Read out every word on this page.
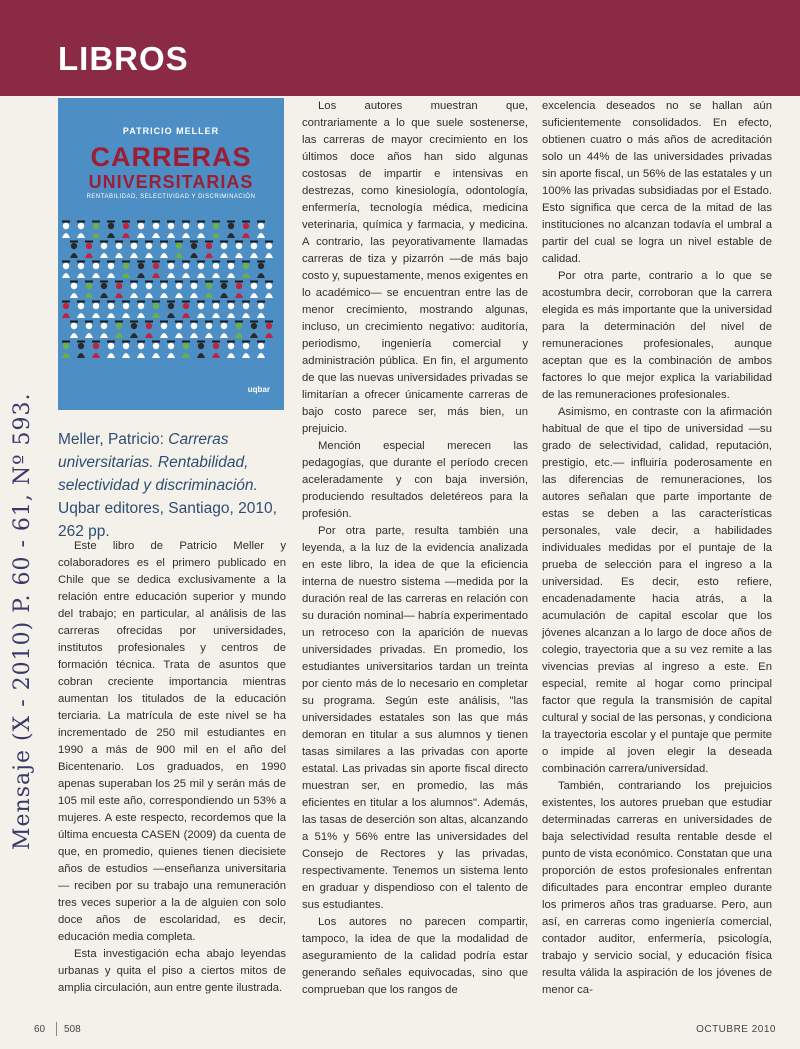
LIBROS
PATRICIO MELLER
CARRERAS
UNIVERSITARIAS
RENTABILIDAD, SELECTIVIDAD Y DISCRIMINACIÓN
uqbar
Meller, Patricio: Carreras universitarias. Rentabilidad, selectividad y discriminación. Uqbar editores, Santiago, 2010, 262 pp.

Este libro de Patricio Meller y colaboradores es el primero publicado en Chile que se dedica exclusivamente a la relación entre educación superior y mundo del trabajo; en particular, al análisis de las carreras ofrecidas por universidades, institutos profesionales y centros de formación técnica. Trata de asuntos que cobran creciente importancia mientras aumentan los titulados de la educación terciaria. La matrícula de este nivel se ha incrementado de 250 mil estudiantes en 1990 a más de 900 mil en el año del Bicentenario. Los graduados, en 1990 apenas superaban los 25 mil y serán más de 105 mil este año, correspondiendo un 53% a mujeres. A este respecto, recordemos que la última encuesta CASEN (2009) da cuenta de que, en promedio, quienes tienen diecisiete años de estudios —enseñanza universitaria— reciben por su trabajo una remuneración tres veces superior a la de alguien con solo doce años de escolaridad, es decir, educación media completa.

Esta investigación echa abajo leyendas urbanas y quita el piso a ciertos mitos de amplia circulación, aun entre gente ilustrada.

Los autores muestran que, contrariamente a lo que suele sostenerse, las carreras de mayor crecimiento en los últimos doce años han sido algunas costosas de impartir e intensivas en destrezas, como kinesiología, odontología, enfermería, tecnología médica, medicina veterinaria, química y farmacia, y medicina. A contrario, las peyorativamente llamadas carreras de tiza y pizarrón —de más bajo costo y, supuestamente, menos exigentes en lo académico— se encuentran entre las de menor crecimiento, mostrando algunas, incluso, un crecimiento negativo: auditoría, periodismo, ingeniería comercial y administración pública. En fin, el argumento de que las nuevas universidades privadas se limitarían a ofrecer únicamente carreras de bajo costo parece ser, más bien, un prejuicio.

Mención especial merecen las pedagogías, que durante el período crecen aceleradamente y con baja inversión, produciendo resultados deletéreos para la profesión.

Por otra parte, resulta también una leyenda, a la luz de la evidencia analizada en este libro, la idea de que la eficiencia interna de nuestro sistema —medida por la duración real de las carreras en relación con su duración nominal— habría experimentado un retroceso con la aparición de nuevas universidades privadas. En promedio, los estudiantes universitarios tardan un treinta por ciento más de lo necesario en completar su programa. Según este análisis, "las universidades estatales son las que más demoran en titular a sus alumnos y tienen tasas similares a las privadas con aporte estatal. Las privadas sin aporte fiscal directo muestran ser, en promedio, las más eficientes en titular a los alumnos". Además, las tasas de deserción son altas, alcanzando a 51% y 56% entre las universidades del Consejo de Rectores y las privadas, respectivamente. Tenemos un sistema lento en graduar y dispendioso con el talento de sus estudiantes.

Los autores no parecen compartir, tampoco, la idea de que la modalidad de aseguramiento de la calidad podría estar generando señales equivocadas, sino que comprueban que los rangos de

excelencia deseados no se hallan aún suficientemente consolidados. En efecto, obtienen cuatro o más años de acreditación solo un 44% de las universidades privadas sin aporte fiscal, un 56% de las estatales y un 100% las privadas subsidiadas por el Estado. Esto significa que cerca de la mitad de las instituciones no alcanzan todavía el umbral a partir del cual se logra un nivel estable de calidad.

Por otra parte, contrario a lo que se acostumbra decir, corroboran que la carrera elegida es más importante que la universidad para la determinación del nivel de remuneraciones profesionales, aunque aceptan que es la combinación de ambos factores lo que mejor explica la variabilidad de las remuneraciones profesionales.

Asimismo, en contraste con la afirmación habitual de que el tipo de universidad —su grado de selectividad, calidad, reputación, prestigio, etc.— influiría poderosamente en las diferencias de remuneraciones, los autores señalan que parte importante de estas se deben a las características personales, vale decir, a habilidades individuales medidas por el puntaje de la prueba de selección para el ingreso a la universidad. Es decir, esto refiere, encadenadamente hacia atrás, a la acumulación de capital escolar que los jóvenes alcanzan a lo largo de doce años de colegio, trayectoria que a su vez remite a las vivencias previas al ingreso a este. En especial, remite al hogar como principal factor que regula la transmisión de capital cultural y social de las personas, y condiciona la trayectoria escolar y el puntaje que permite o impide al joven elegir la deseada combinación carrera/universidad.

También, contrariando los prejuicios existentes, los autores prueban que estudiar determinadas carreras en universidades de baja selectividad resulta rentable desde el punto de vista económico. Constatan que una proporción de estos profesionales enfrentan dificultades para encontrar empleo durante los primeros años tras graduarse. Pero, aun así, en carreras como ingeniería comercial, contador auditor, enfermería, psicología, trabajo y servicio social, y educación física resulta válida la aspiración de los jóvenes de menor ca-

Mensaje (X - 2010) P. 60 - 61, Nº 593.
60 508	OCTUBRE 2010
